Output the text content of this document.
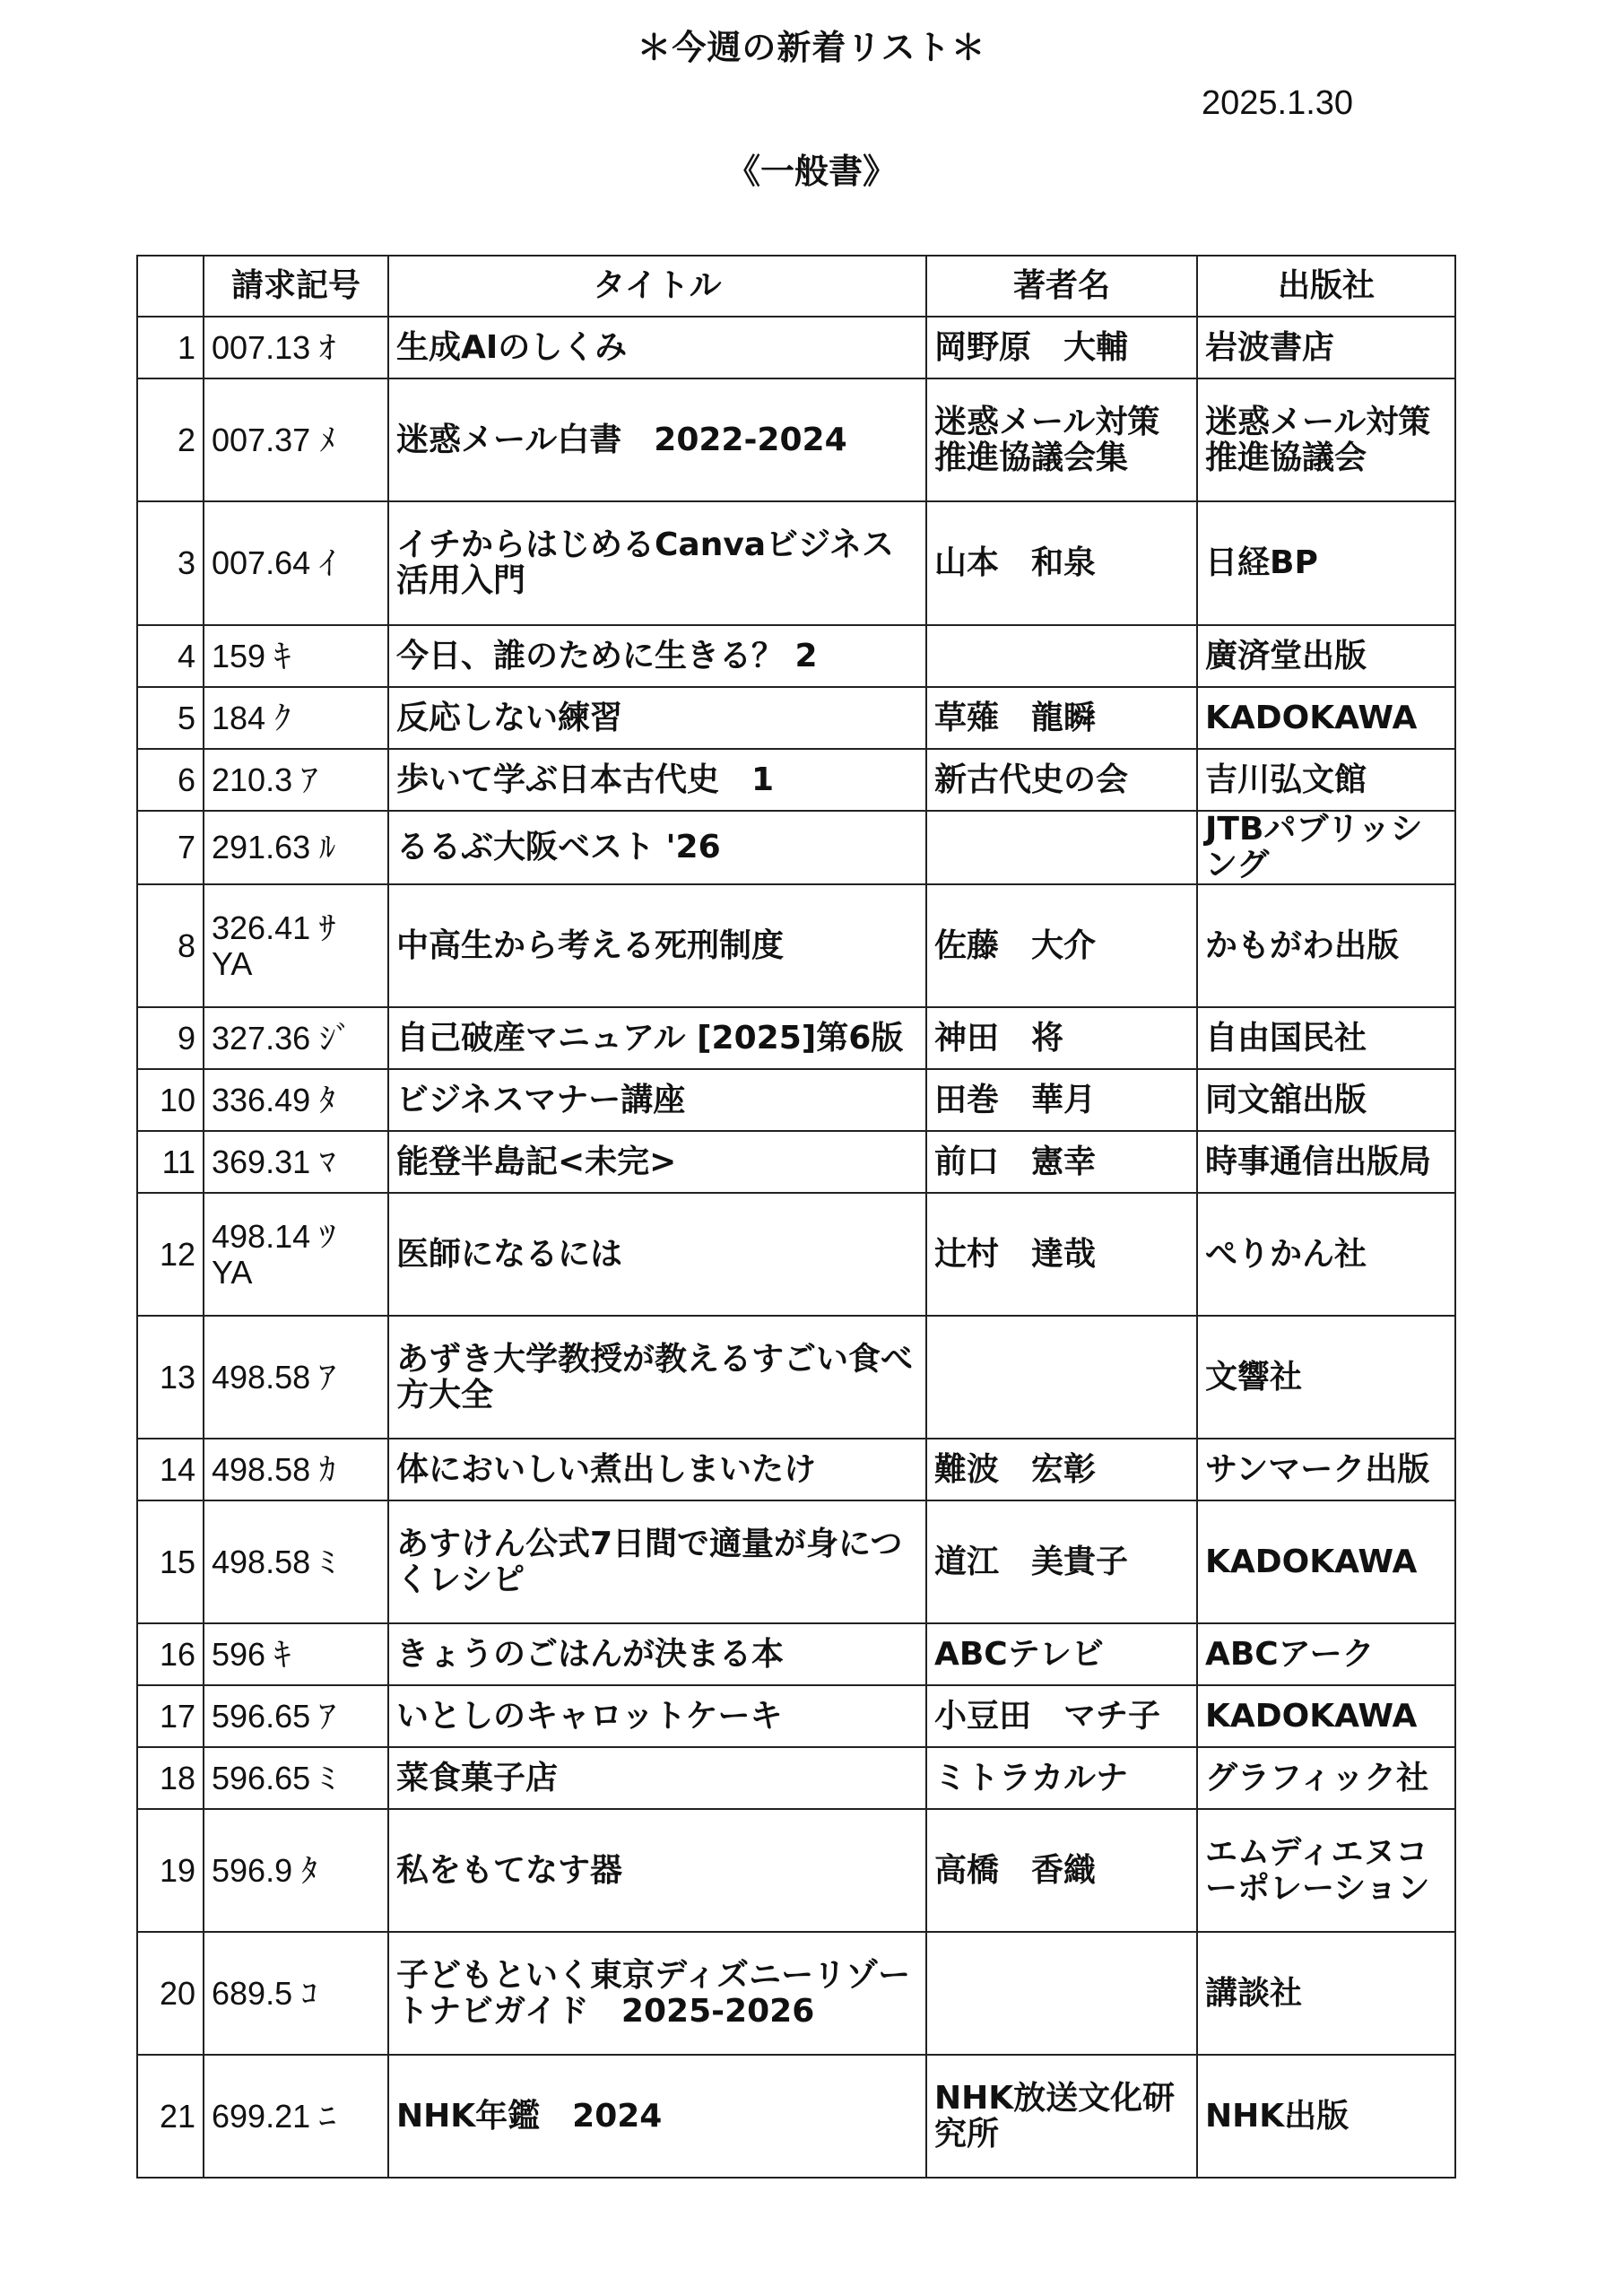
＊今週の新着リスト＊
2025.1.30
《一般書》
	請求記号	タイトル	著者名	出版社
1	007.13 ｵ	生成AIのしくみ	岡野原　大輔	岩波書店
2	007.37 ﾒ	迷惑メール白書　2022-2024	迷惑メール対策推進協議会集	迷惑メール対策推進協議会
3	007.64 ｲ	イチからはじめるCanvaビジネス活用入門	山本　和泉	日経BP
4	159 ｷ	今日、誰のために生きる？ 2		廣済堂出版
5	184 ｸ	反応しない練習	草薙　龍瞬	KADOKAWA
6	210.3 ｱ	歩いて学ぶ日本古代史　1	新古代史の会	吉川弘文館
7	291.63 ﾙ	るるぶ大阪ベスト '26		JTBパブリッシング
8	326.41 ｻ YA	中高生から考える死刑制度	佐藤　大介	かもがわ出版
9	327.36 ｼﾞ	自己破産マニュアル [2025]第6版	神田　将	自由国民社
10	336.49 ﾀ	ビジネスマナー講座	田巻　華月	同文舘出版
11	369.31 ﾏ	能登半島記<未完>	前口　憲幸	時事通信出版局
12	498.14 ﾂ YA	医師になるには	辻村　達哉	ぺりかん社
13	498.58 ｱ	あずき大学教授が教えるすごい食べ方大全		文響社
14	498.58 ｶ	体においしい煮出しまいたけ	難波　宏彰	サンマーク出版
15	498.58 ﾐ	あすけん公式7日間で適量が身につくレシピ	道江　美貴子	KADOKAWA
16	596 ｷ	きょうのごはんが決まる本	ABCテレビ	ABCアーク
17	596.65 ｱ	いとしのキャロットケーキ	小豆田　マチ子	KADOKAWA
18	596.65 ﾐ	菜食菓子店	ミトラカルナ	グラフィック社
19	596.9 ﾀ	私をもてなす器	高橋　香織	エムディエヌコーポレーション
20	689.5 ｺ	子どもといく東京ディズニーリゾートナビガイド　2025-2026		講談社
21	699.21 ﾆ	NHK年鑑　2024	NHK放送文化研究所	NHK出版
